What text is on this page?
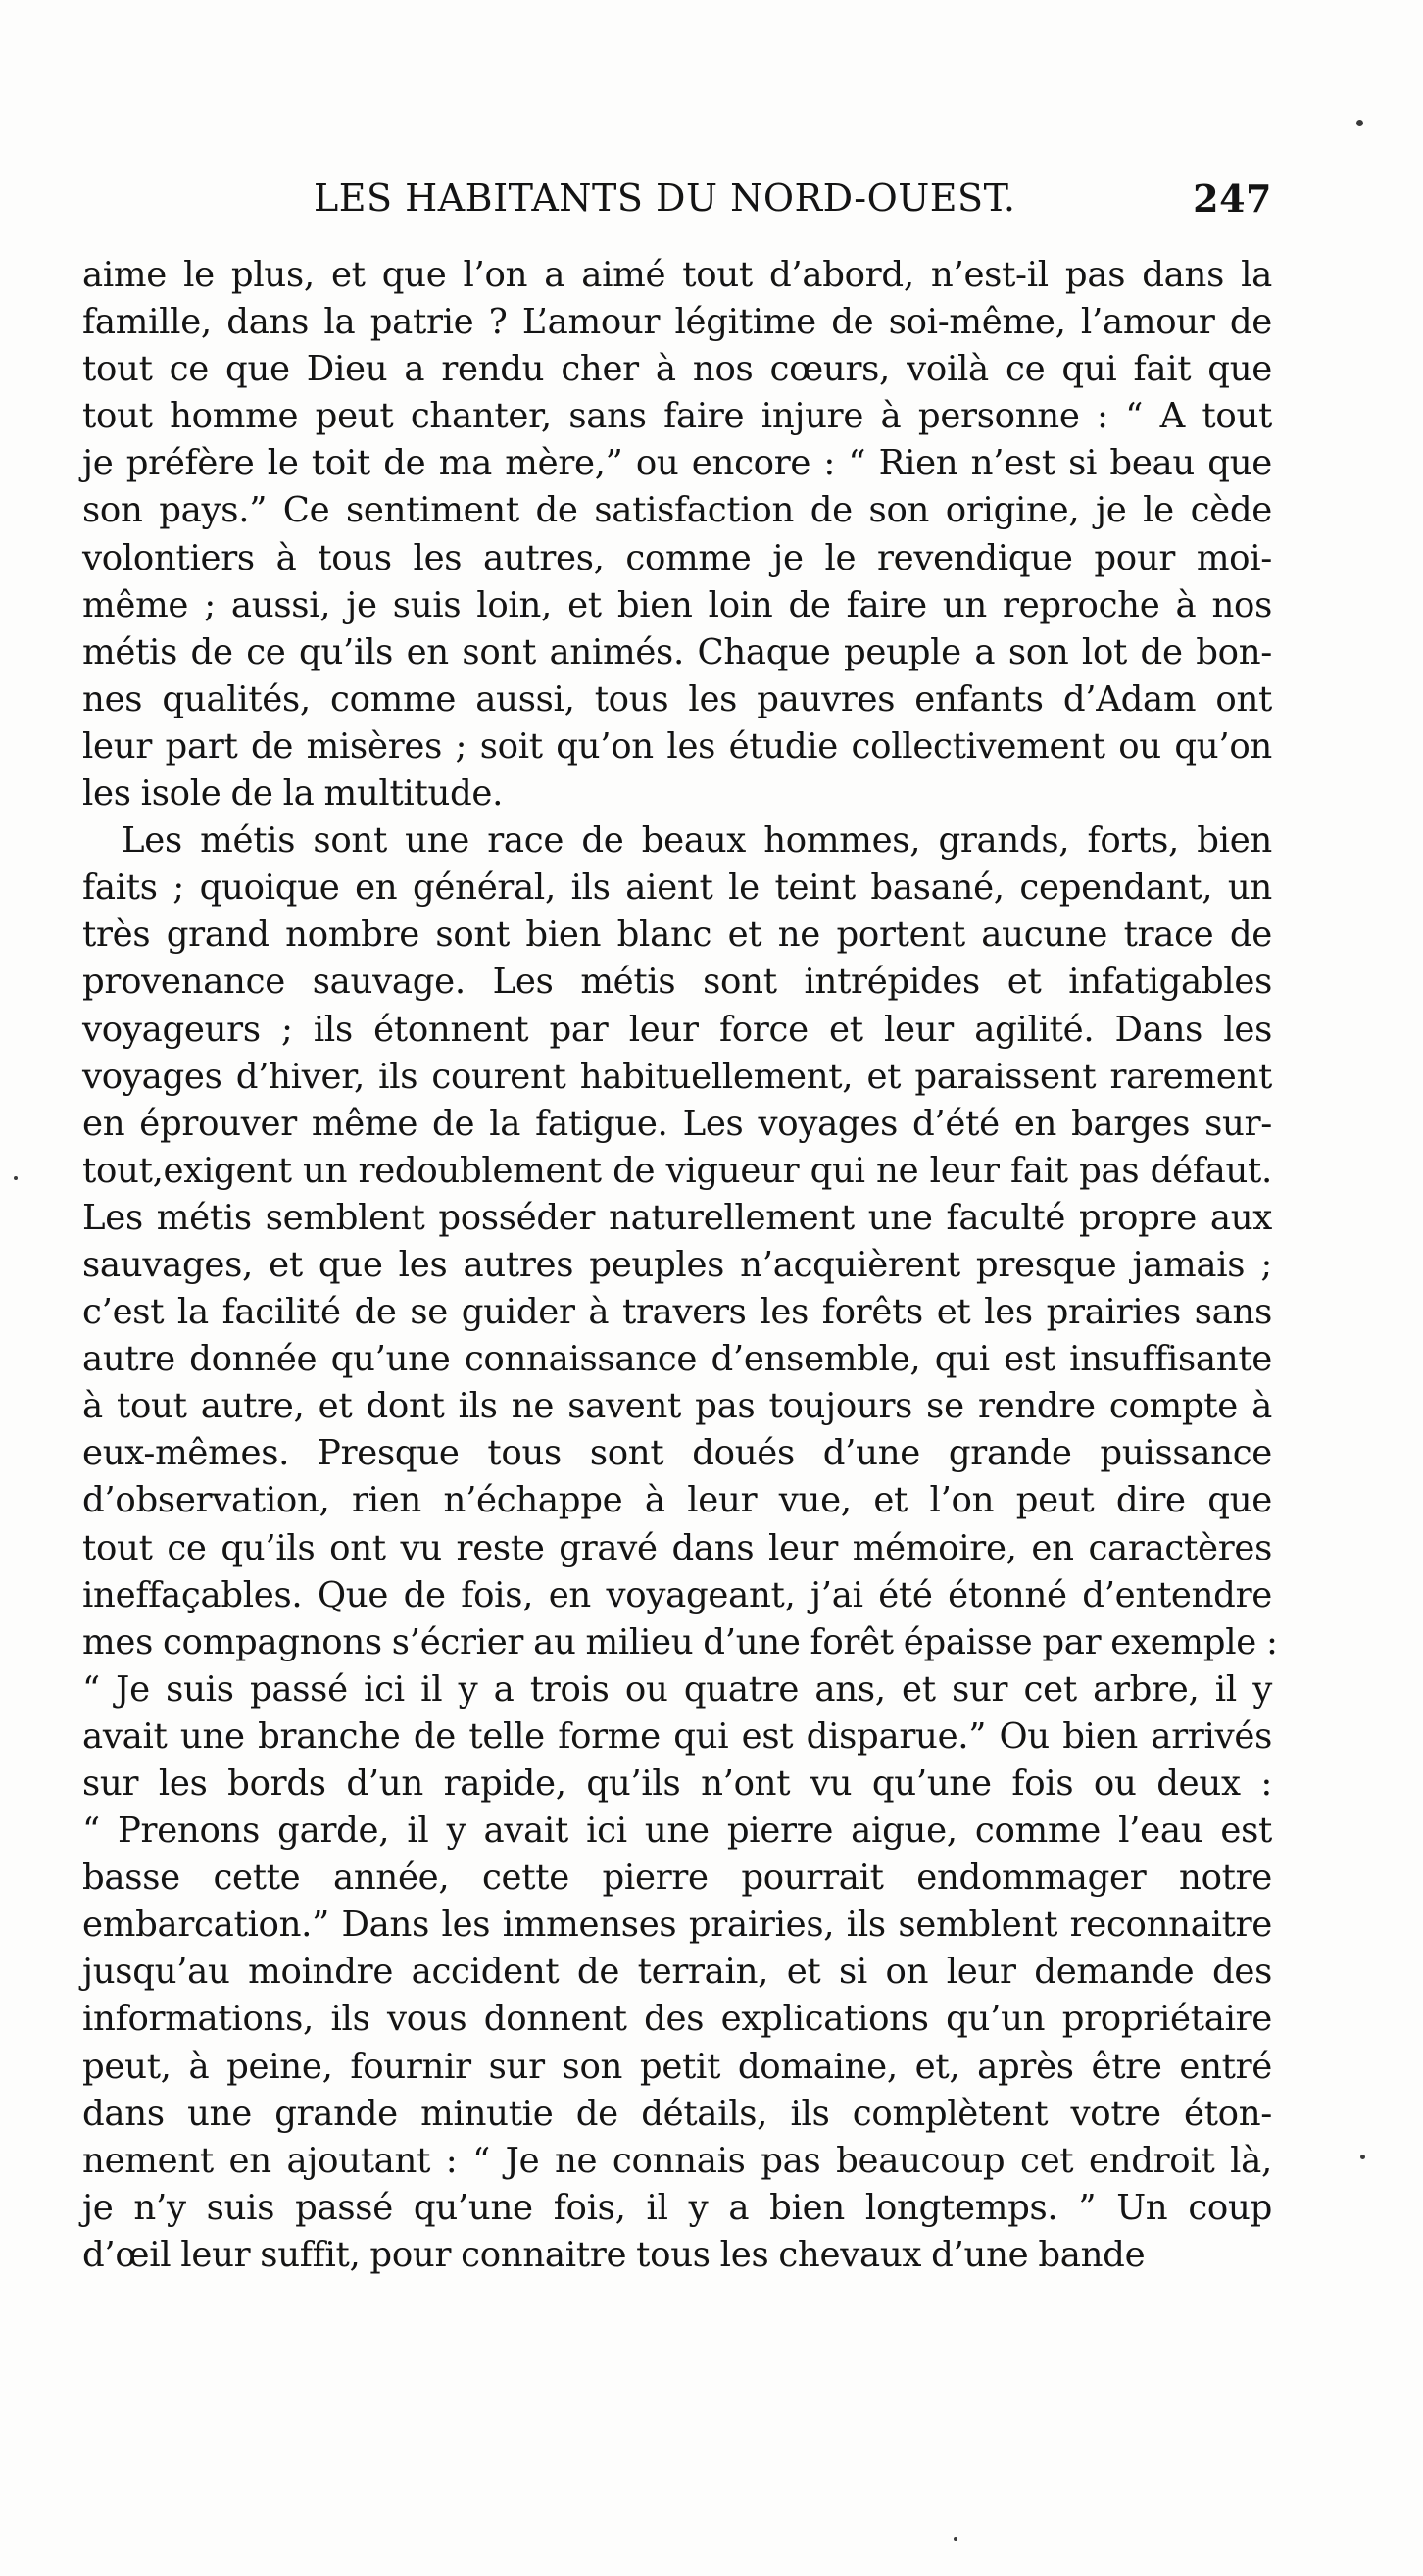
LES HABITANTS DU NORD-OUEST.	247
aime le plus, et que l’on a aimé tout d’abord, n’est-il pas dans la
famille, dans la patrie ? L’amour légitime de soi-même, l’amour de
tout ce que Dieu a rendu cher à nos cœurs, voilà ce qui fait que
tout homme peut chanter, sans faire injure à personne : “ A tout
je préfère le toit de ma mère,” ou encore : “ Rien n’est si beau que
son pays.” Ce sentiment de satisfaction de son origine, je le cède
volontiers à tous les autres, comme je le revendique pour moi-
même ; aussi, je suis loin, et bien loin de faire un reproche à nos
métis de ce qu’ils en sont animés. Chaque peuple a son lot de bon-
nes qualités, comme aussi, tous les pauvres enfants d’Adam ont
leur part de misères ; soit qu’on les étudie collectivement ou qu’on
les isole de la multitude.
Les métis sont une race de beaux hommes, grands, forts, bien
faits ; quoique en général, ils aient le teint basané, cependant, un
très grand nombre sont bien blanc et ne portent aucune trace de
provenance sauvage. Les métis sont intrépides et infatigables
voyageurs ; ils étonnent par leur force et leur agilité. Dans les
voyages d’hiver, ils courent habituellement, et paraissent rarement
en éprouver même de la fatigue. Les voyages d’été en barges sur-
tout,exigent un redoublement de vigueur qui ne leur fait pas défaut.
Les métis semblent posséder naturellement une faculté propre aux
sauvages, et que les autres peuples n’acquièrent presque jamais ;
c’est la facilité de se guider à travers les forêts et les prairies sans
autre donnée qu’une connaissance d’ensemble, qui est insuffisante
à tout autre, et dont ils ne savent pas toujours se rendre compte à
eux-mêmes. Presque tous sont doués d’une grande puissance
d’observation, rien n’échappe à leur vue, et l’on peut dire que
tout ce qu’ils ont vu reste gravé dans leur mémoire, en caractères
ineffaçables. Que de fois, en voyageant, j’ai été étonné d’entendre
mes compagnons s’écrier au milieu d’une forêt épaisse par exemple :
“ Je suis passé ici il y a trois ou quatre ans, et sur cet arbre, il y
avait une branche de telle forme qui est disparue.” Ou bien arrivés
sur les bords d’un rapide, qu’ils n’ont vu qu’une fois ou deux :
“ Prenons garde, il y avait ici une pierre aigue, comme l’eau est
basse cette année, cette pierre pourrait endommager notre
embarcation.” Dans les immenses prairies, ils semblent reconnaitre
jusqu’au moindre accident de terrain, et si on leur demande des
informations, ils vous donnent des explications qu’un propriétaire
peut, à peine, fournir sur son petit domaine, et, après être entré
dans une grande minutie de détails, ils complètent votre éton-
nement en ajoutant : “ Je ne connais pas beaucoup cet endroit là,
je n’y suis passé qu’une fois, il y a bien longtemps. ” Un coup
d’œil leur suffit, pour connaitre tous les chevaux d’une bande
